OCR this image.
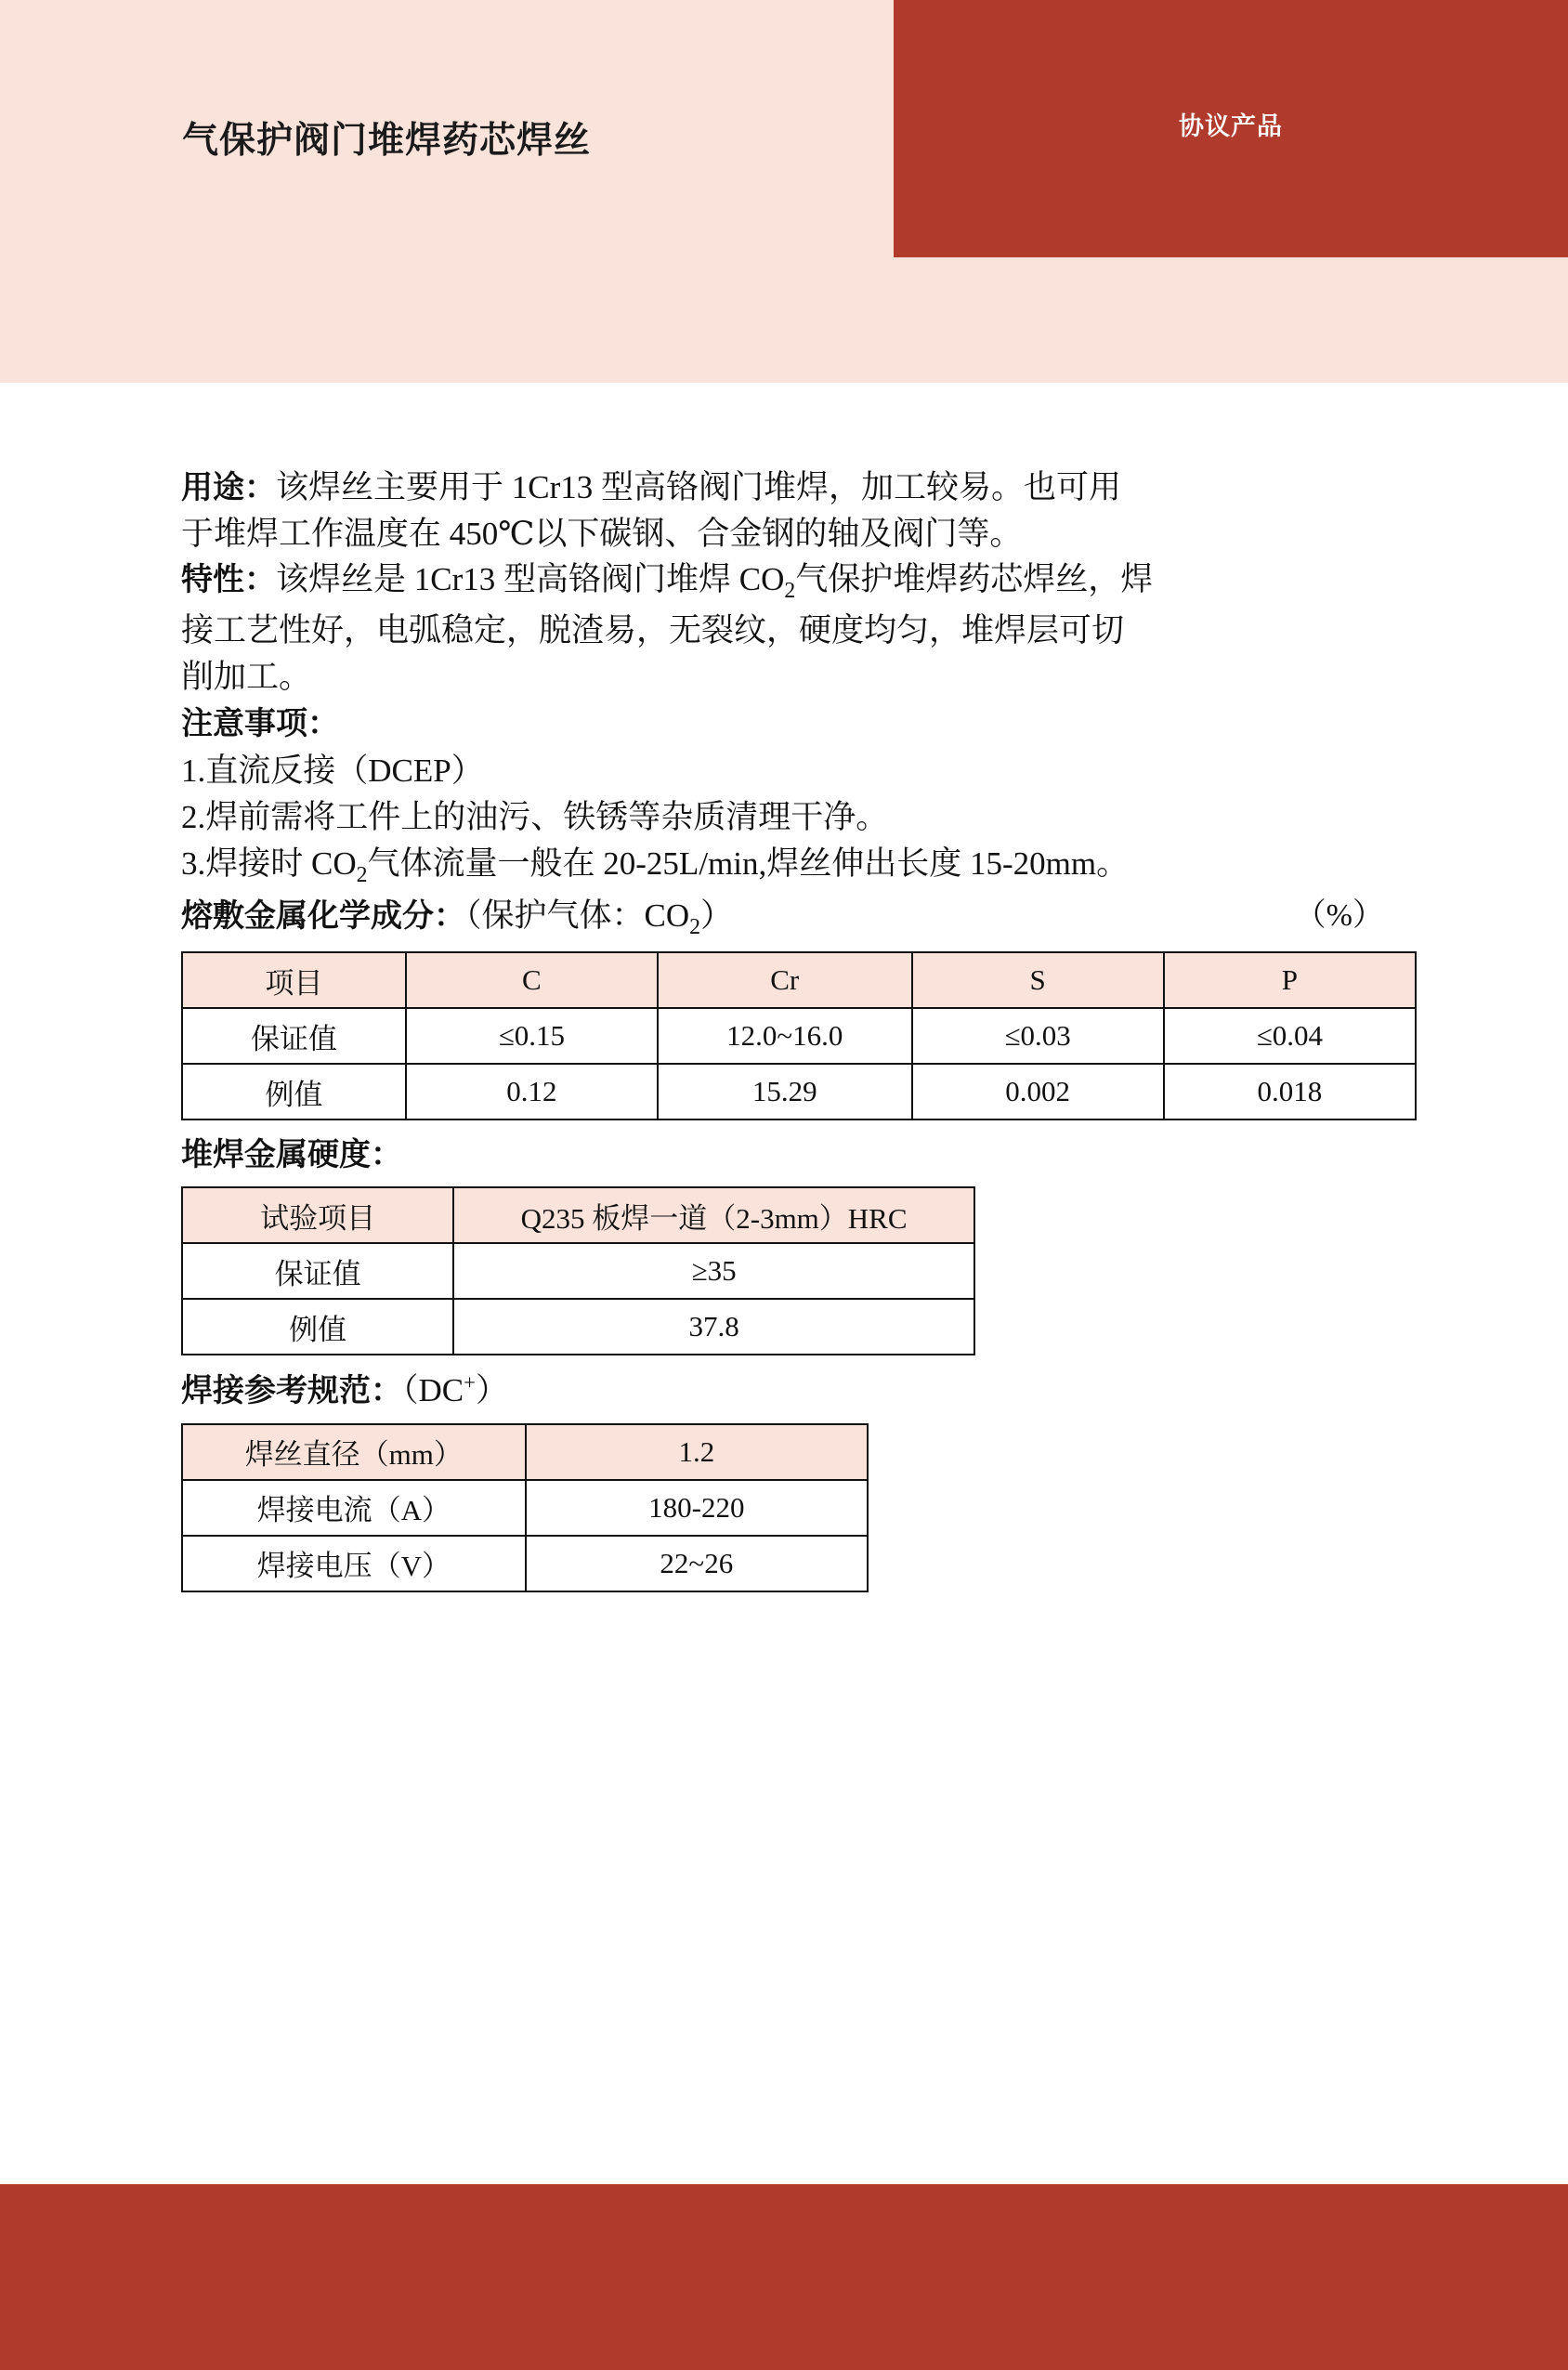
气保护阀门堆焊药芯焊丝	协议产品

用途：该焊丝主要用于 1Cr13 型高铬阀门堆焊，加工较易。也可用
于堆焊工作温度在 450℃以下碳钢、合金钢的轴及阀门等。

特性：该焊丝是 1Cr13 型高铬阀门堆焊 $CO_2$气保护堆焊药芯焊丝，焊
接工艺性好，电弧稳定，脱渣易，无裂纹，硬度均匀，堆焊层可切
削加工。

注意事项：
1.直流反接（DCEP）
2.焊前需将工件上的油污、铁锈等杂质清理干净。
3.焊接时 $CO_2$气体流量一般在 20-25L/min,焊丝伸出长度 15-20mm。
（%）
熔敷金属化学成分：（保护气体：$CO_2$）
项目	C	Cr	S	P
保证值	≤0.15	12.0~16.0	≤0.03	≤0.04
例值	0.12	15.29	0.002	0.018
堆焊金属硬度：
试验项目	Q235 板焊一道（2-3mm）HRC
保证值	≥35
例值	37.8
焊接参考规范：（DC+）
焊丝直径（mm）	1.2
焊接电流（A）	180-220
焊接电压（V）	22~26
